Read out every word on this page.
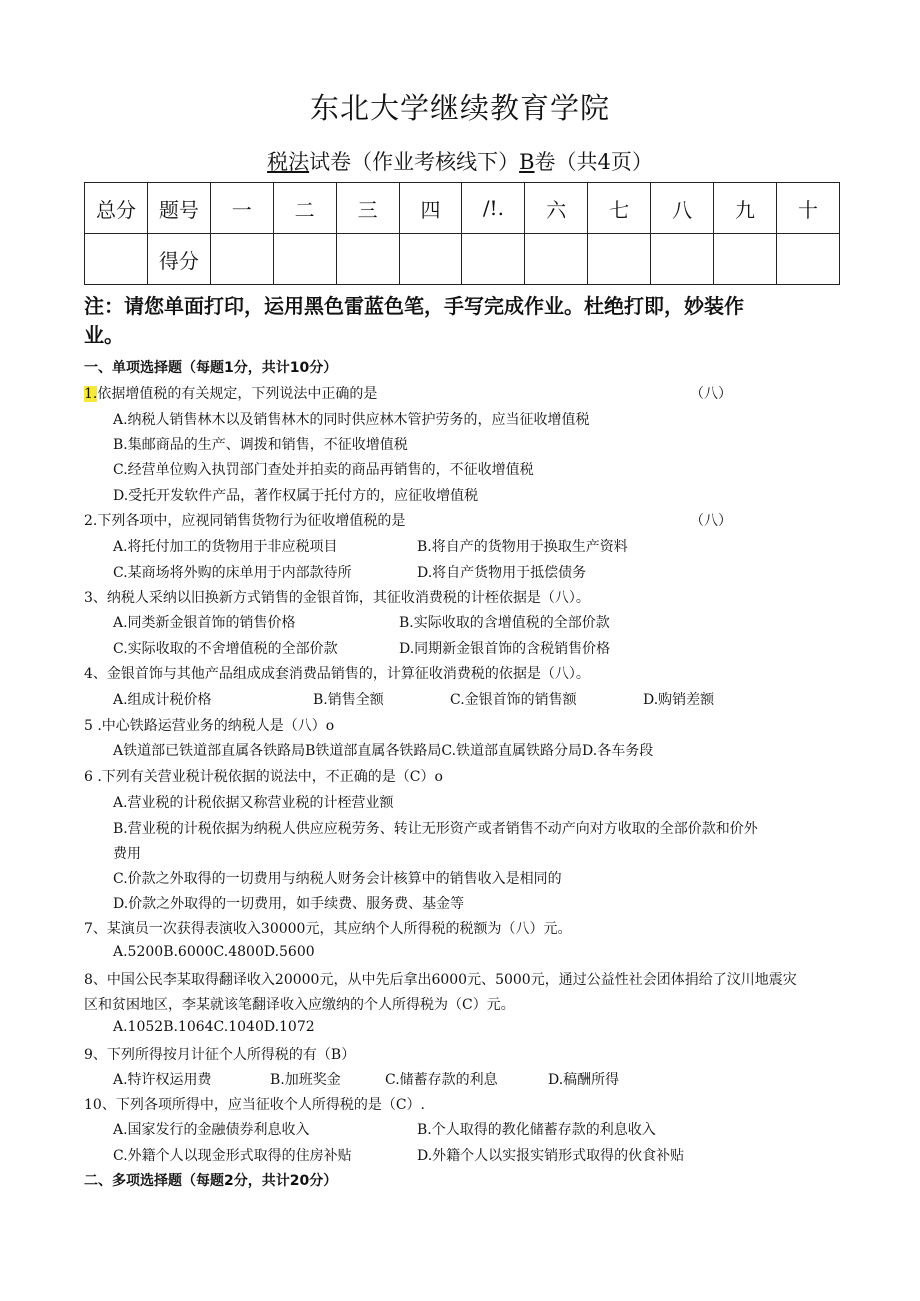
东北大学继续教育学院
税法试卷（作业考核线下）B卷（共4页）
总分	题号	一	二	三	四	/!.	六	七	八	九	十
	得分										
注：请您单面打印，运用黑色雷蓝色笔，手写完成作业。杜绝打即，妙装作
业。
一、单项选择题（每题1分，共计10分）
1.依据增值税的有关规定，下列说法中正确的是	（八）
A.纳税人销售林木以及销售林木的同时供应林木管护劳务的，应当征收增值税
B.集邮商品的生产、调拨和销售，不征收增值税
C.经营单位购入执罚部门查处并拍卖的商品再销售的，不征收增值税
D.受托开发软件产品，著作权属于托付方的，应征收增值税
2.下列各项中，应视同销售货物行为征收增值税的是	（八）
A.将托付加工的货物用于非应税项目	B.将自产的货物用于换取生产资料
C.某商场将外购的床单用于内部款待所	D.将自产货物用于抵偿债务
3、纳税人采纳以旧换新方式销售的金银首饰，其征收消费税的计桎依据是（八）。
A.同类新金银首饰的销售价格	B.实际收取的含增值税的全部价款
C.实际收取的不舍增值税的全部价款	D.同期新金银首饰的含税销售价格
4、金银首饰与其他产品组成成套消费品销售的，计算征收消费税的依据是（八）。
A.组成计税价格	B.销售全额	C.金银首饰的销售额	D.购销差额
5 .中心铁路运营业务的纳税人是（八）o
A铁道部已铁道部直属各铁路局B铁道部直属各铁路局C.铁道部直属铁路分局D.各车务段
6 .下列有关营业税计税依据的说法中，不正确的是（C）o
A.营业税的计税依据又称营业税的计桎营业额
B.营业税的计税依据为纳税人供应应税劳务、转让无形资产或者销售不动产向对方收取的全部价款和价外
费用
C.价款之外取得的一切费用与纳税人财务会计核算中的销售收入是相同的
D.价款之外取得的一切费用，如手续费、服务费、基金等
7、某演员一次获得表演收入30000元，其应纳个人所得税的税额为（八）元。
A.5200B.6000C.4800D.5600
8、中国公民李某取得翻译收入20000元，从中先后拿出6000元、5000元，通过公益性社会团体捐给了汶川地震灾
区和贫困地区，李某就该笔翻译收入应缴纳的个人所得税为（C）元。
A.1052B.1064C.1040D.1072
9、下列所得按月计征个人所得税的有（B）
A.特许权运用费	B.加班奖金	C.储蓄存款的利息	D.稿酬所得
10、下列各项所得中，应当征收个人所得税的是（C）.
A.国家发行的金融债券利息收入	B.个人取得的教化储蓄存款的利息收入
C.外籍个人以现金形式取得的住房补贴	D.外籍个人以实报实销形式取得的伙食补贴
二、多项选择题（每题2分，共计20分）
